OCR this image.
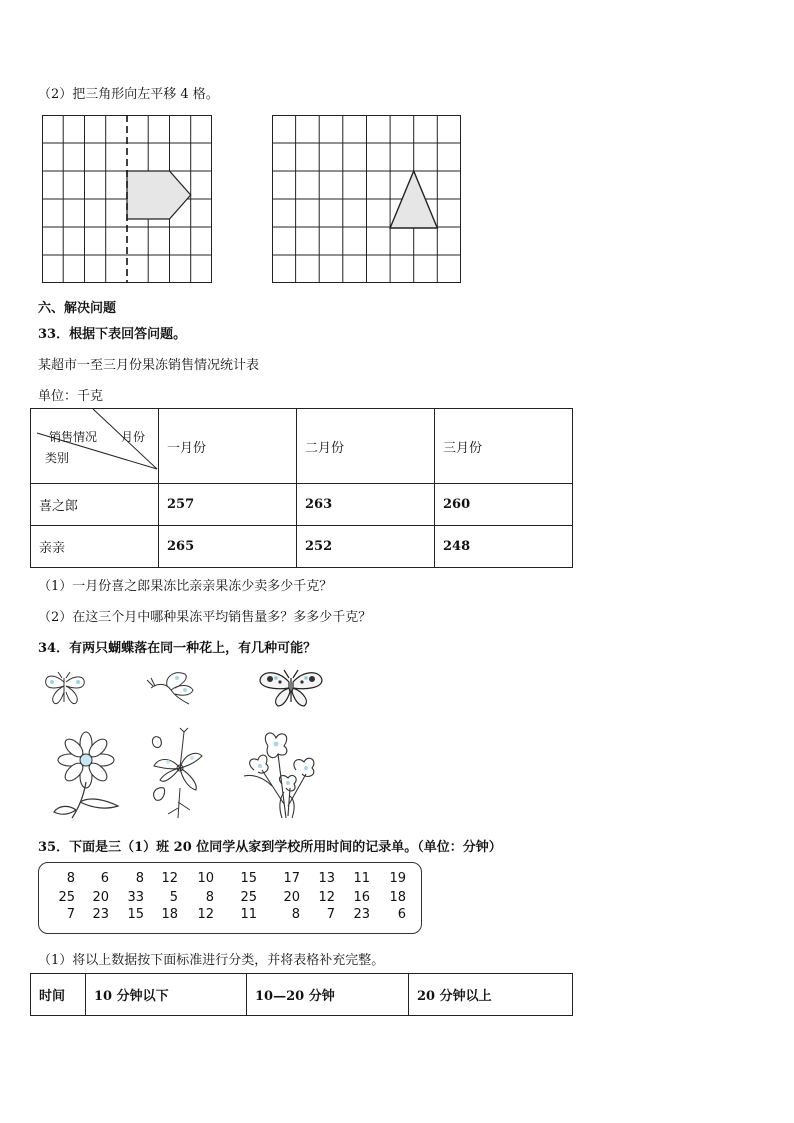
（2）把三角形向左平移 4 格。
六、解决问题
33．根据下表回答问题。
某超市一至三月份果冻销售情况统计表
单位：千克
销售情况 月份
类别	一月份	二月份	三月份
喜之郎	257	263	260
亲亲	265	252	248
（1）一月份喜之郎果冻比亲亲果冻少卖多少千克？
（2）在这三个月中哪种果冻平均销售量多？多多少千克？
34．有两只蝴蝶落在同一种花上，有几种可能？
35．下面是三（1）班 20 位同学从家到学校所用时间的记录单。（单位：分钟）
8	6	8	12	10	15	17	13	11	19
25	20	33	5	8	25	20	12	16	18
7	23	15	18	12	11	8	7	23	6
（1）将以上数据按下面标准进行分类，并将表格补充完整。
时间	10 分钟以下	10—20 分钟	20 分钟以上
